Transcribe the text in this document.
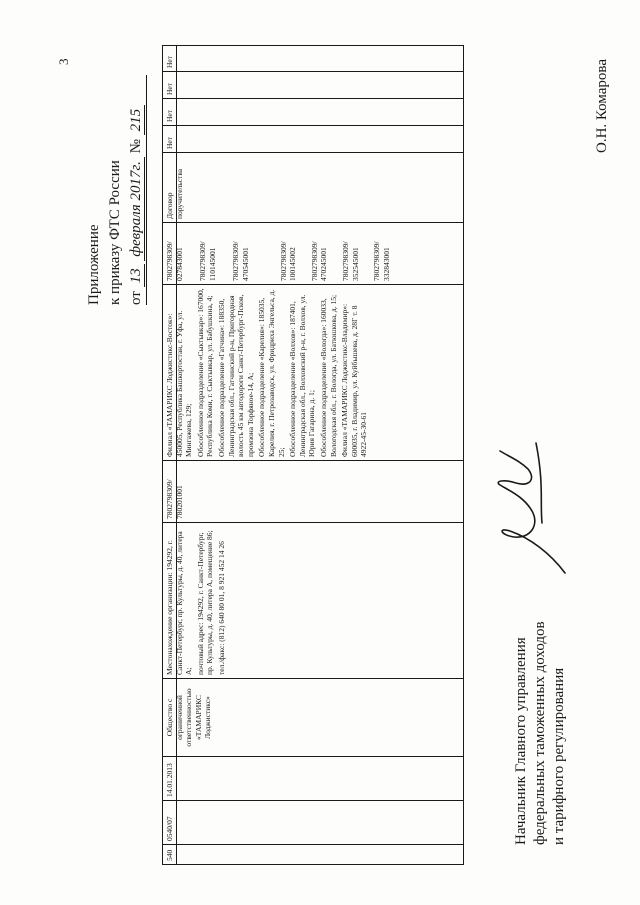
3
Приложение к приказу ФТС России от 13 февраля 2017г. № 215
540
0540/07
14.01.2013
Общество с ограниченной ответственностью «ТАМАРИКС Лоджистикс»

Местонахождение организации: 194292, г. Санкт-Петербург, пр. Культуры, д. 40, литера А; почтовый адрес: 194292, г. Санкт-Петербург, пр. Культуры, д. 40, литера А, помещение 86; тел./факс: (812) 640 80 01, 8 921 452 14 26

7802798309/ 780201001

Филиал «ТАМАРИКС Лоджистикс-Восток»: 450005, Республика Башкортостан, г. Уфа, ул. Мингажева, 129; Обособленное подразделение «Сыктывкар»: 167000, Республика Коми, г. Сыктывкар, ул. Бабушкина, 4; Обособленное подразделение «Гатчина»: 188350, Ленинградская обл., Гатчинский р-н, Пригородная волость 45 км автодороги Санкт-Петербург-Псков, промзона Торфяное-14, А; Обособленное подразделение «Карелия»: 185035, Карелия, г. Петрозаводск, ул. Фридриха Энгельса, д. 25; Обособленное подразделение «Волхов»: 187401, Ленинградская обл., Волховский р-н, г. Волхов, ул. Юрия Гагарина, д. 1; Обособленное подразделение «Вологда»: 160033, Вологодская обл., г. Вологда, ул. Батюшкова, д. 15; Филиал «ТАМАРИКС Лоджистикс-Владимир»: 600035, г. Владимир, ул. Куйбышева, д. 28Г т. 8 4922-45-30-61

7802798309/ 027843001 7802798309/ 110145001 7802798309/ 470545001	7802798309/ 100145002 7802798309/ 470245001 7802798309/ 352545001 7802798309/ 332843001

Договор поручительства
Нет
Нет
Нет
Нет
Начальник Главного управления федеральных таможенных доходов и тарифного регулирования
О.Н. Комарова
